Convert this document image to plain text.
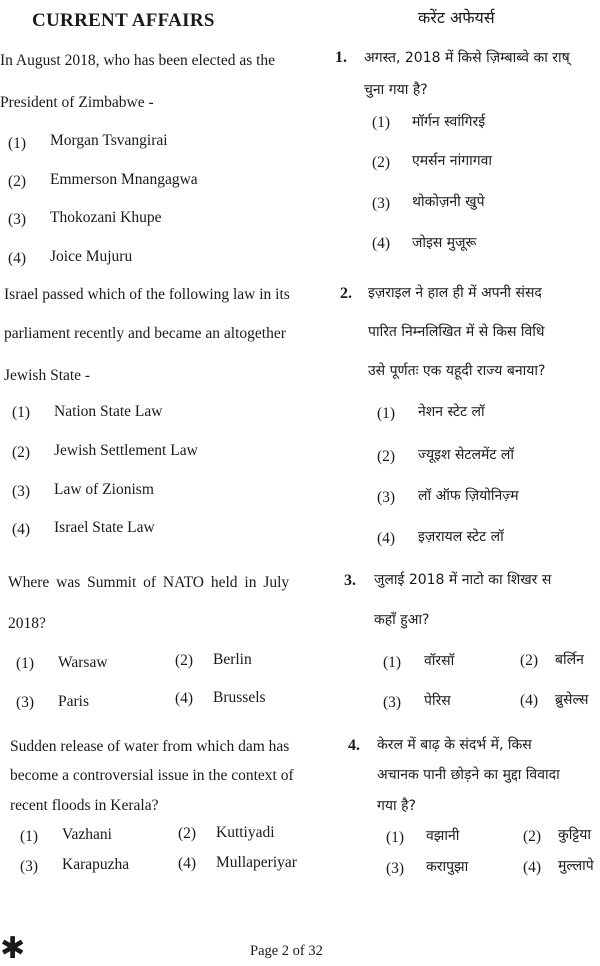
CURRENT AFFAIRS
In August 2018, who has been elected as the
President of Zimbabwe -
(1) Morgan Tsvangirai
(2) Emmerson Mnangagwa
(3) Thokozani Khupe
(4) Joice Mujuru
Israel passed which of the following law in its
parliament recently and became an altogether
Jewish State -
(1) Nation State Law
(2) Jewish Settlement Law
(3) Law of Zionism
(4) Israel State Law
Where was Summit of NATO held in July
2018?
(1) Warsaw	(2) Berlin
(3) Paris	(4) Brussels
Sudden release of water from which dam has
become a controversial issue in the context of
recent floods in Kerala?
(1) Vazhani	(2) Kuttiyadi
(3) Karapuzha	(4) Mullaperiyar
करेंट अफेयर्स
1. अगस्त, 2018 में किसे ज़िम्बाब्वे का राष्
चुना गया है?
(1) मॉर्गन स्वांगिरई
(2) एमर्सन नांगागवा
(3) थोकोज़नी खुपे
(4) जोइस मुजूरू
2. इज़राइल ने हाल ही में अपनी संसद
पारित निम्नलिखित में से किस विधि
उसे पूर्णतः एक यहूदी राज्य बनाया?
(1) नेशन स्टेट लॉ
(2) ज्यूइश सेटलमेंट लॉ
(3) लॉ ऑफ ज़ियोनिज़्म
(4) इज़रायल स्टेट लॉ
3. जुलाई 2018 में नाटो का शिखर स
कहाँ हुआ?
(1) वॉरसॉ	(2) बर्लिन
(3) पेरिस	(4) ब्रुसेल्स
4. केरल में बाढ़ के संदर्भ में, किस
अचानक पानी छोड़ने का मुद्दा विवादा
गया है?
(1) वझानी	(2) कुट्टिया
(3) करापुझा	(4) मुल्लापे
✱	Page 2 of 32
